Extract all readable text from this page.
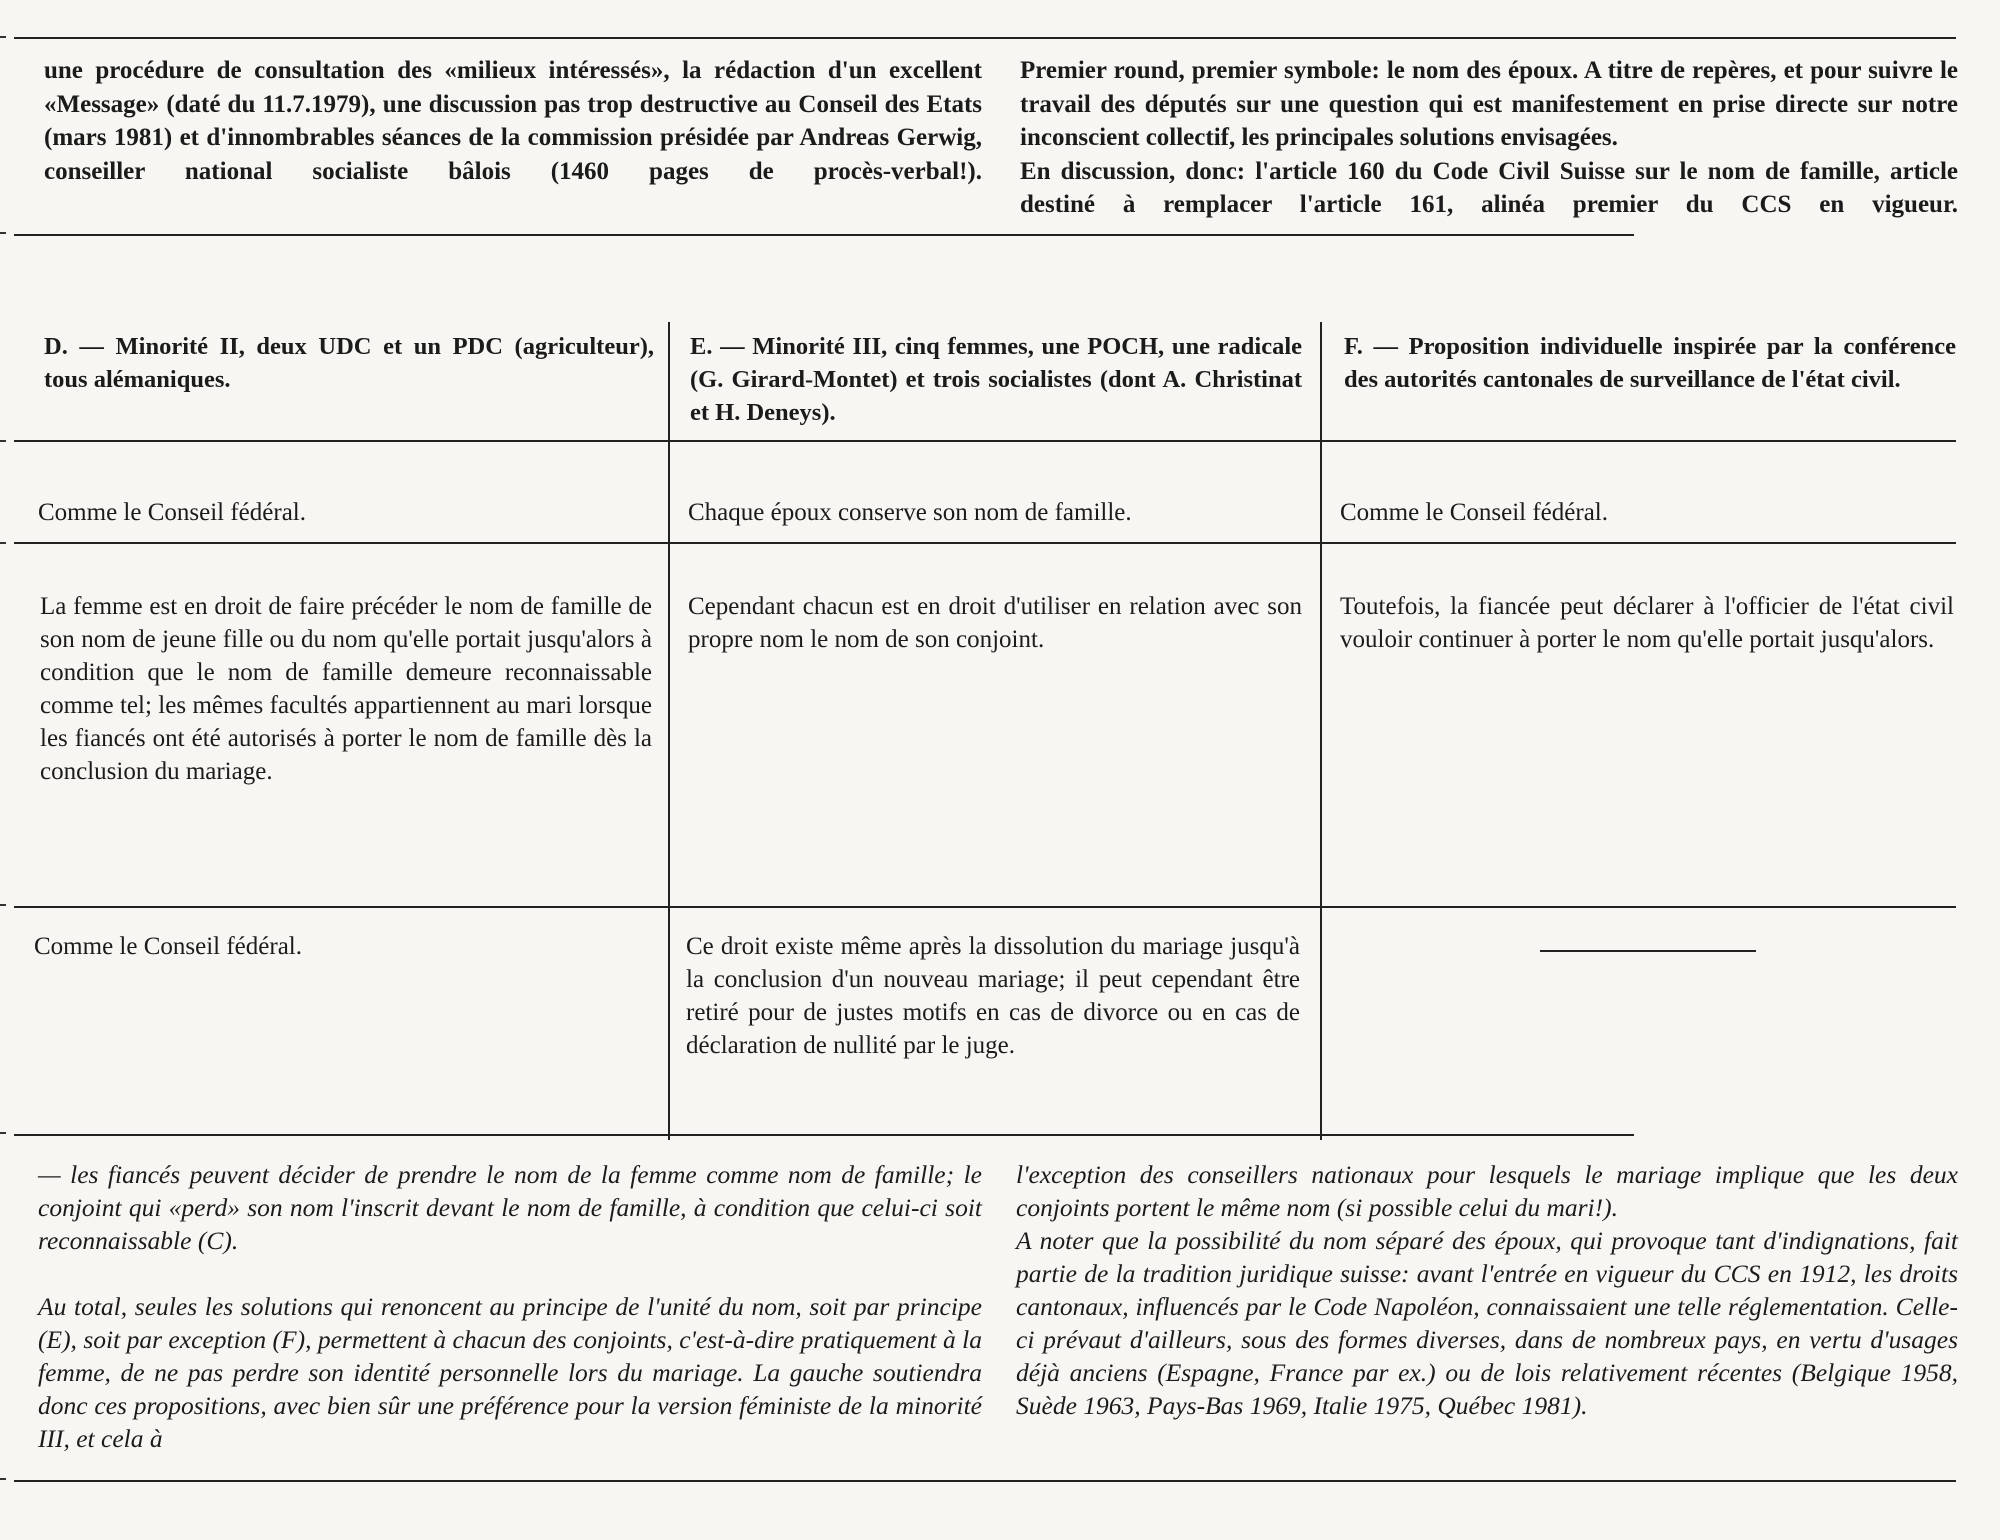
une procédure de consultation des «milieux intéressés», la rédaction d'un excellent «Message» (daté du 11.7.1979), une discussion pas trop destructive au Conseil des Etats (mars 1981) et d'innombrables séances de la commission présidée par Andreas Gerwig, conseiller national socialiste bâlois (1460 pages de procès-verbal!).

Premier round, premier symbole: le nom des époux. A titre de repères, et pour suivre le travail des députés sur une question qui est manifestement en prise directe sur notre inconscient collectif, les principales solutions envisagées.

En discussion, donc: l'article 160 du Code Civil Suisse sur le nom de famille, article destiné à remplacer l'article 161, alinéa premier du CCS en vigueur.

D. — Minorité II, deux UDC et un PDC (agriculteur), tous alémaniques.
Comme le Conseil fédéral.
La femme est en droit de faire précéder le nom de famille de son nom de jeune fille ou du nom qu'elle portait jusqu'alors à condition que le nom de famille demeure reconnaissable comme tel; les mêmes facultés appartiennent au mari lorsque les fiancés ont été autorisés à porter le nom de famille dès la conclusion du mariage.
Comme le Conseil fédéral.
E. — Minorité III, cinq femmes, une POCH, une radicale (G. Girard-Montet) et trois socialistes (dont A. Christinat et H. Deneys).
Chaque époux conserve son nom de famille.
Cependant chacun est en droit d'utiliser en relation avec son propre nom le nom de son conjoint.
Ce droit existe même après la dissolution du mariage jusqu'à la conclusion d'un nouveau mariage; il peut cependant être retiré pour de justes motifs en cas de divorce ou en cas de déclaration de nullité par le juge.
F. — Proposition individuelle inspirée par la conférence des autorités cantonales de surveillance de l'état civil.
Comme le Conseil fédéral.
Toutefois, la fiancée peut déclarer à l'officier de l'état civil vouloir continuer à porter le nom qu'elle portait jusqu'alors.

— les fiancés peuvent décider de prendre le nom de la femme comme nom de famille; le conjoint qui «perd» son nom l'inscrit devant le nom de famille, à condition que celui-ci soit reconnaissable (C).

Au total, seules les solutions qui renoncent au principe de l'unité du nom, soit par principe (E), soit par exception (F), permettent à chacun des conjoints, c'est-à-dire pratiquement à la femme, de ne pas perdre son identité personnelle lors du mariage. La gauche soutiendra donc ces propositions, avec bien sûr une préférence pour la version féministe de la minorité III, et cela à

l'exception des conseillers nationaux pour lesquels le mariage implique que les deux conjoints portent le même nom (si possible celui du mari!).

A noter que la possibilité du nom séparé des époux, qui provoque tant d'indignations, fait partie de la tradition juridique suisse: avant l'entrée en vigueur du CCS en 1912, les droits cantonaux, influencés par le Code Napoléon, connaissaient une telle réglementation. Celle-ci prévaut d'ailleurs, sous des formes diverses, dans de nombreux pays, en vertu d'usages déjà anciens (Espagne, France par ex.) ou de lois relativement récentes (Belgique 1958, Suède 1963, Pays-Bas 1969, Italie 1975, Québec 1981).
